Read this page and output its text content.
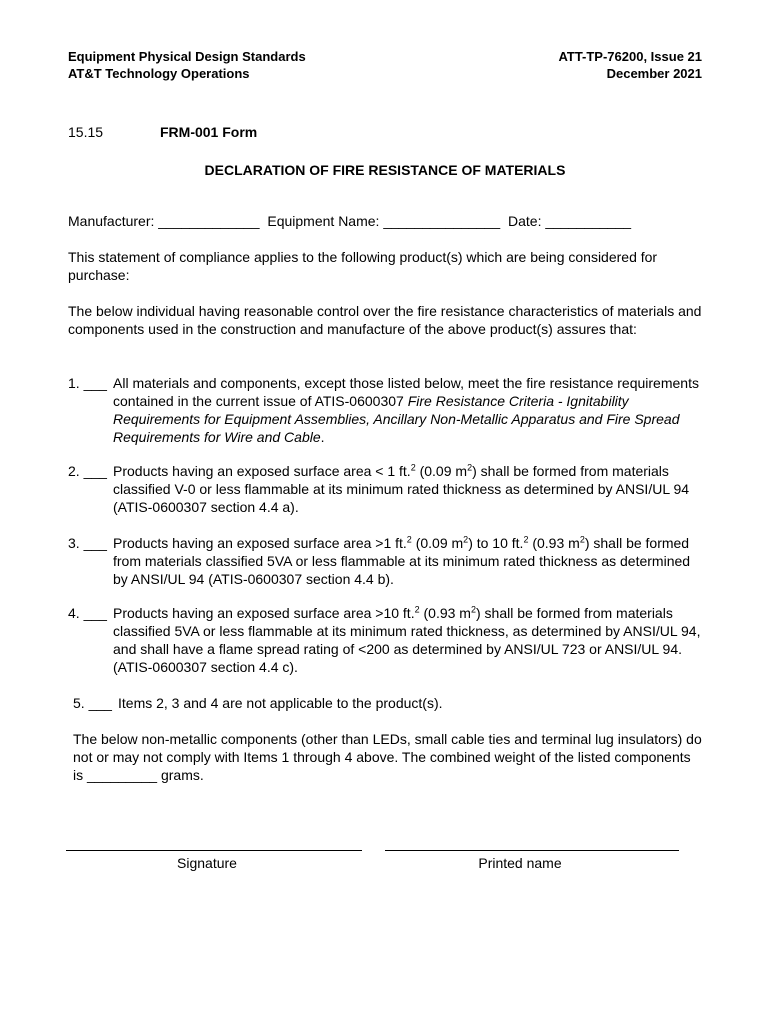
Equipment Physical Design Standards
AT&T Technology Operations
ATT-TP-76200, Issue 21
December 2021
15.15	FRM-001 Form
DECLARATION OF FIRE RESISTANCE OF MATERIALS
Manufacturer: _____________ Equipment Name: _______________ Date: ___________
This statement of compliance applies to the following product(s) which are being considered for purchase:
The below individual having reasonable control over the fire resistance characteristics of materials and components used in the construction and manufacture of the above product(s) assures that:
1. ___ All materials and components, except those listed below, meet the fire resistance requirements contained in the current issue of ATIS-0600307 Fire Resistance Criteria - Ignitability Requirements for Equipment Assemblies, Ancillary Non-Metallic Apparatus and Fire Spread Requirements for Wire and Cable.
2. ___ Products having an exposed surface area < 1 ft.$^2$ (0.09 $m^2$) shall be formed from materials classified V-0 or less flammable at its minimum rated thickness as determined by ANSI/UL 94 (ATIS-0600307 section 4.4 a).
3. ___ Products having an exposed surface area >1 ft.$^2$ (0.09 $m^2$) to 10 ft.$^2$ (0.93 $m^2$) shall be formed from materials classified 5VA or less flammable at its minimum rated thickness as determined by ANSI/UL 94 (ATIS-0600307 section 4.4 b).
4. ___ Products having an exposed surface area >10 ft.$^2$ (0.93 $m^2$) shall be formed from materials classified 5VA or less flammable at its minimum rated thickness, as determined by ANSI/UL 94, and shall have a flame spread rating of <200 as determined by ANSI/UL 723 or ANSI/UL 94. (ATIS-0600307 section 4.4 c).
5. ___ Items 2, 3 and 4 are not applicable to the product(s).
The below non-metallic components (other than LEDs, small cable ties and terminal lug insulators) do not or may not comply with Items 1 through 4 above. The combined weight of the listed components is _________ grams.
Signature	Printed name
